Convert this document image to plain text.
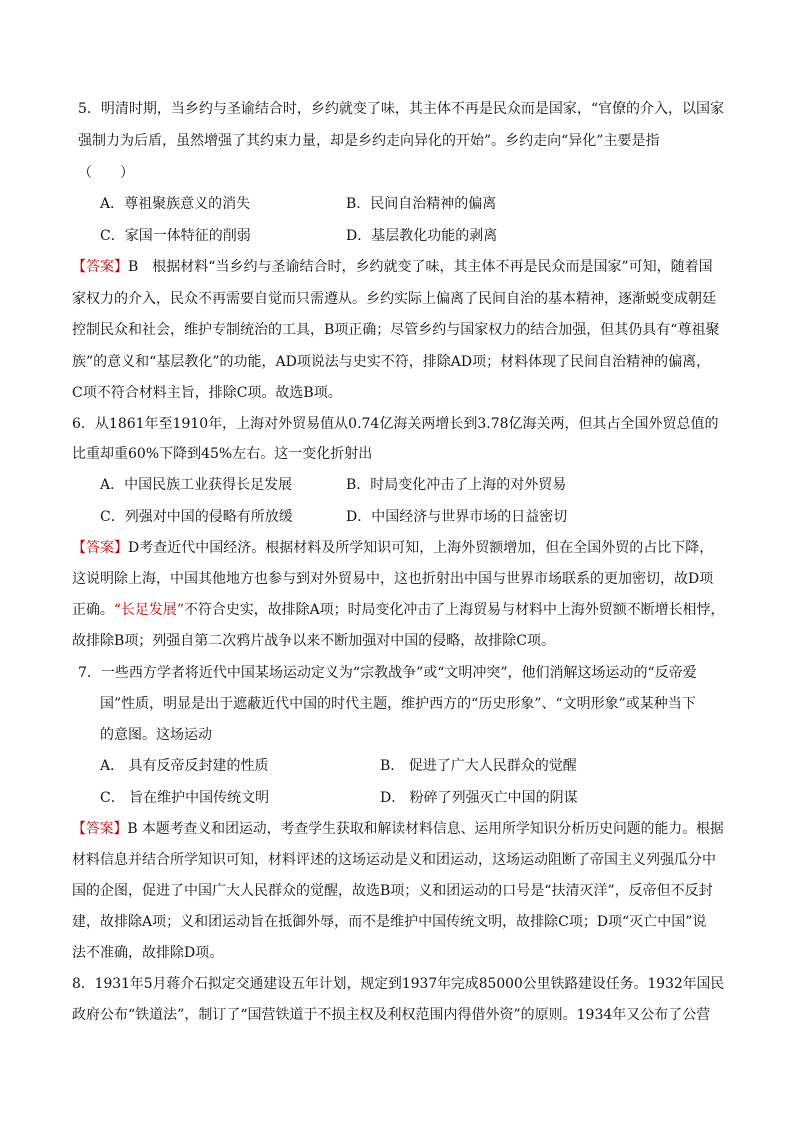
5．明清时期，当乡约与圣谕结合时，乡约就变了味，其主体不再是民众而是国家，“官僚的介入，以国家
强制力为后盾，虽然增强了其约束力量，却是乡约走向异化的开始”。乡约走向“异化”主要是指
（　　）
A．尊祖聚族意义的消失	B．民间自治精神的偏离
C．家国一体特征的削弱	D．基层教化功能的剥离
【答案】B　根据材料“当乡约与圣谕结合时，乡约就变了味，其主体不再是民众而是国家”可知，随着国
家权力的介入，民众不再需要自觉而只需遵从。乡约实际上偏离了民间自治的基本精神，逐渐蜕变成朝廷
控制民众和社会，维护专制统治的工具，B项正确；尽管乡约与国家权力的结合加强，但其仍具有“尊祖聚
族”的意义和“基层教化”的功能，AD项说法与史实不符，排除AD项；材料体现了民间自治精神的偏离，
C项不符合材料主旨，排除C项。故选B项。
6．从1861年至1910年，上海对外贸易值从0.74亿海关两增长到3.78亿海关两，但其占全国外贸总值的
比重却重60%下降到45%左右。这一变化折射出
A．中国民族工业获得长足发展	B．时局变化冲击了上海的对外贸易
C．列强对中国的侵略有所放缓	D．中国经济与世界市场的日益密切
【答案】D考查近代中国经济。根据材料及所学知识可知，上海外贸额增加，但在全国外贸的占比下降，
这说明除上海，中国其他地方也参与到对外贸易中，这也折射出中国与世界市场联系的更加密切，故D项
正确。“长足发展”不符合史实，故排除A项；时局变化冲击了上海贸易与材料中上海外贸额不断增长相悖，
故排除B项；列强自第二次鸦片战争以来不断加强对中国的侵略，故排除C项。
7．一些西方学者将近代中国某场运动定义为“宗教战争”或“文明冲突”，他们消解这场运动的“反帝爱
国”性质，明显是出于遮蔽近代中国的时代主题，维护西方的“历史形象”、“文明形象”或某种当下
的意图。这场运动
A． 具有反帝反封建的性质	B． 促进了广大人民群众的觉醒
C． 旨在维护中国传统文明	D． 粉碎了列强灭亡中国的阴谋
【答案】B 本题考查义和团运动，考查学生获取和解读材料信息、运用所学知识分析历史问题的能力。根据
材料信息并结合所学知识可知，材料评述的这场运动是义和团运动，这场运动阻断了帝国主义列强瓜分中
国的企图，促进了中国广大人民群众的觉醒，故选B项；义和团运动的口号是“扶清灭洋”，反帝但不反封
建，故排除A项；义和团运动旨在抵御外辱，而不是维护中国传统文明，故排除C项；D项“灭亡中国”说
法不准确，故排除D项。
8．1931年5月蒋介石拟定交通建设五年计划，规定到1937年完成85000公里铁路建设任务。1932年国民
政府公布“铁道法”，制订了“国营铁道于不损主权及利权范围内得借外资”的原则。1934年又公布了公营
